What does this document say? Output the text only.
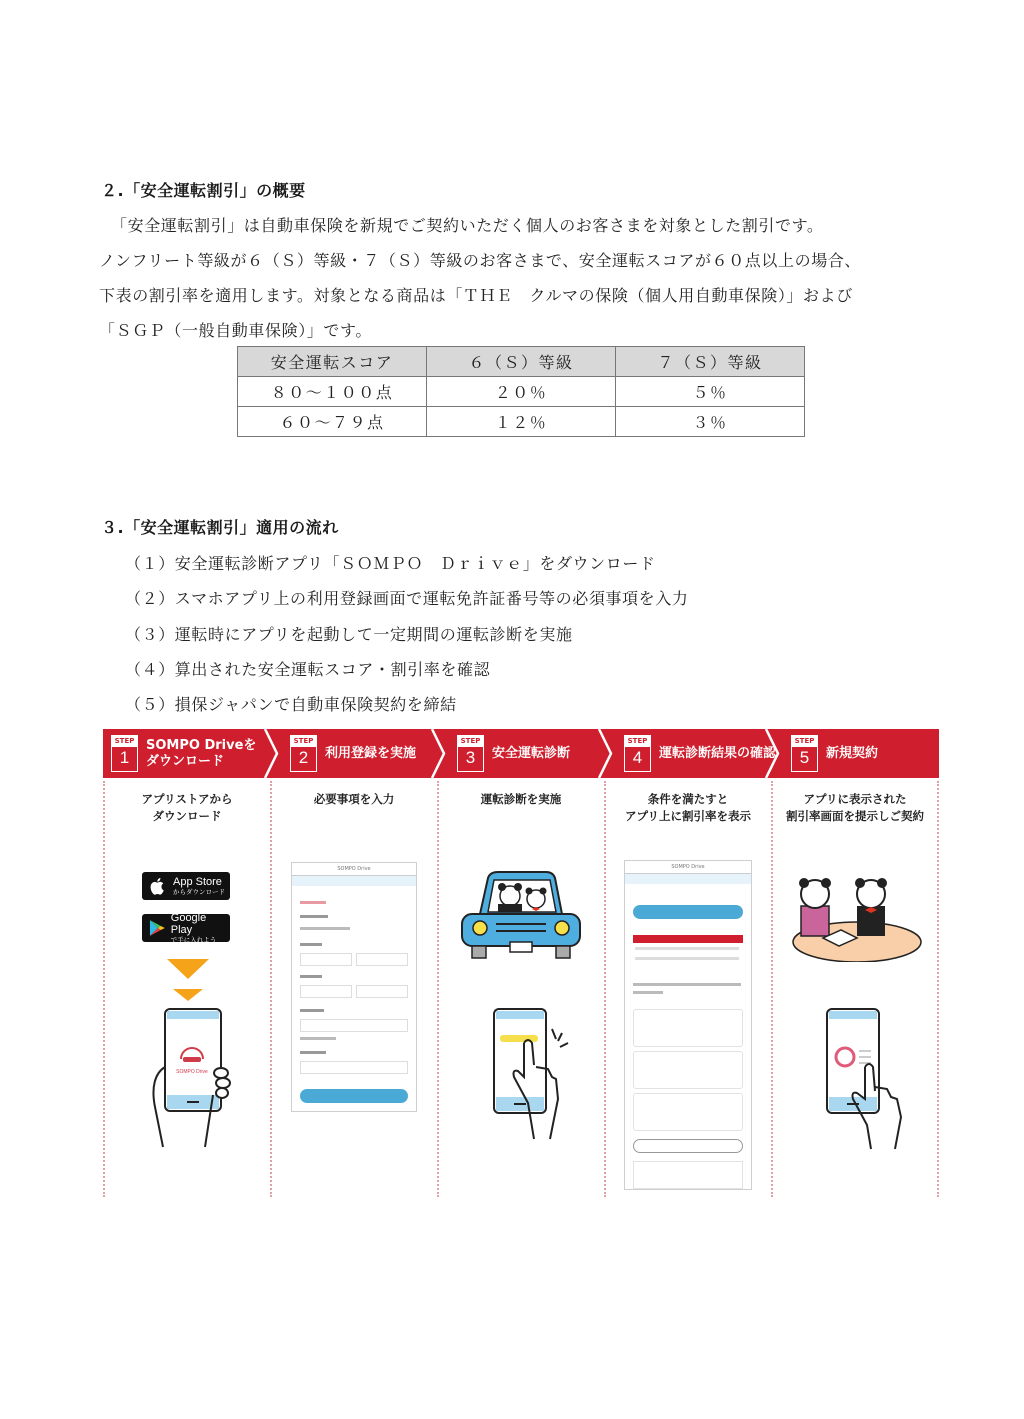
２.「安全運転割引」の概要

「安全運転割引」は自動車保険を新規でご契約いただく個人のお客さまを対象とした割引です。

ノンフリート等級が６（Ｓ）等級・７（Ｓ）等級のお客さまで、安全運転スコアが６０点以上の場合、

下表の割引率を適用します。対象となる商品は「ＴＨＥ　クルマの保険（個人用自動車保険）」および

「ＳＧＰ（一般自動車保険）」です。

安全運転スコア	６（Ｓ）等級	７（Ｓ）等級
８０～１００点	２０％	５％
６０～７９点	１２％	３％
３.「安全運転割引」適用の流れ
（１）安全運転診断アプリ「ＳＯＭＰＯ　Ｄｒｉｖｅ」をダウンロード
（２）スマホアプリ上の利用登録画面で運転免許証番号等の必須事項を入力
（３）運転時にアプリを起動して一定期間の運転診断を実施
（４）算出された安全運転スコア・割引率を確認
（５）損保ジャパンで自動車保険契約を締結
STEP
1
SOMPO Driveを
ダウンロード
STEP
2	利用登録を実施
STEP
3	安全運転診断
STEP
4	運転診断結果の確認
STEP
5	新規契約
アプリストアから
ダウンロード
必要事項を入力	運転診断を実施	条件を満たすと
アプリ上に割引率を表示
アプリに表示された
割引率画面を提示しご契約
App Store
からダウンロード
Google Play
で手に入れよう
SOMPO Drive
SOMPO Drive	SOMPO Drive
